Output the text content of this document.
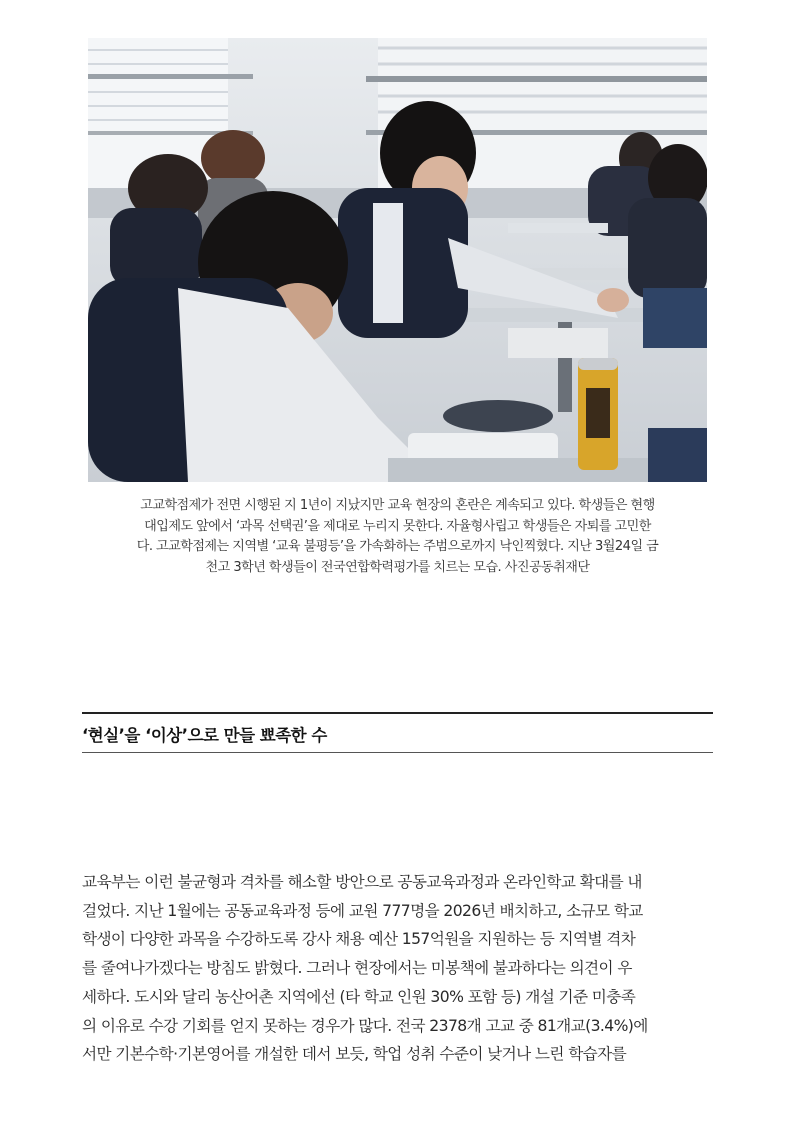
고교학점제가 전면 시행된 지 1년이 지났지만 교육 현장의 혼란은 계속되고 있다. 학생들은 현행
대입제도 앞에서 ‘과목 선택권’을 제대로 누리지 못한다. 자율형사립고 학생들은 자퇴를 고민한
다. 고교학점제는 지역별 ‘교육 불평등’을 가속화하는 주범으로까지 낙인찍혔다. 지난 3월24일 금
천고 3학년 학생들이 전국연합학력평가를 치르는 모습. 사진공동취재단
‘현실’을 ‘이상’으로 만들 뾰족한 수
교육부는 이런 불균형과 격차를 해소할 방안으로 공동교육과정과 온라인학교 확대를 내
걸었다. 지난 1월에는 공동교육과정 등에 교원 777명을 2026년 배치하고, 소규모 학교
학생이 다양한 과목을 수강하도록 강사 채용 예산 157억원을 지원하는 등 지역별 격차
를 줄여나가겠다는 방침도 밝혔다. 그러나 현장에서는 미봉책에 불과하다는 의견이 우
세하다. 도시와 달리 농산어촌 지역에선 (타 학교 인원 30% 포함 등) 개설 기준 미충족
의 이유로 수강 기회를 얻지 못하는 경우가 많다. 전국 2378개 고교 중 81개교(3.4%)에
서만 기본수학·기본영어를 개설한 데서 보듯, 학업 성취 수준이 낮거나 느린 학습자를
